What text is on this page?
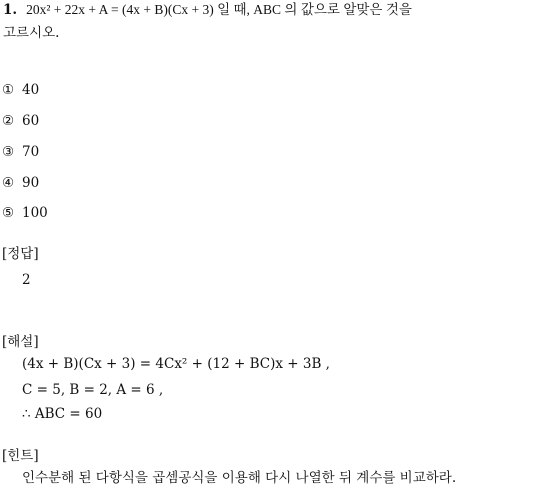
1. 20x² + 22x + A = (4x + B)(Cx + 3) 일 때, ABC 의 값으로 알맞은 것을
고르시오.
① 40
② 60
③ 70
④ 90
⑤ 100
[정답]
2
[해설]
(4x + B)(Cx + 3) = 4Cx² + (12 + BC)x + 3B ,
C = 5, B = 2, A = 6 ,
∴ ABC = 60
[힌트]
인수분해 된 다항식을 곱셈공식을 이용해 다시 나열한 뒤 계수를 비교하라.
